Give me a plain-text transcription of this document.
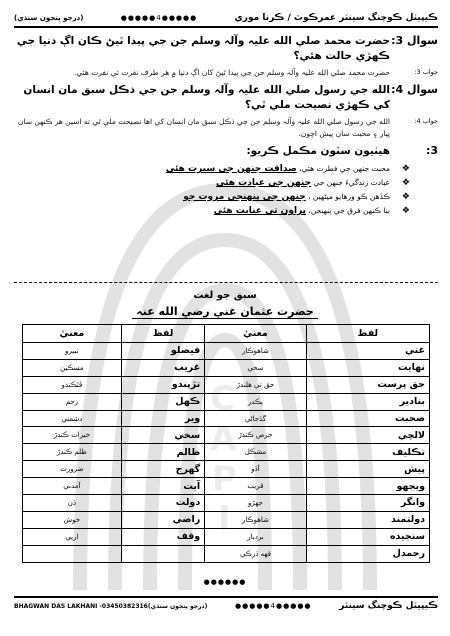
C
A
P
I
(درجو پنجون سنڌي)	●●●●●4●●●●●	ڪيپيٽل ڪوچنگ سينٽر عمرڪوٽ / ڪرنا موري
سوال 3:
حضرت محمد صلي الله عليہ وآلہ وسلم جن جي پيدا ٿيڻ ڪان اڳ دنيا جي ڪهڙي حالت هئي؟
جواب 3:
حضرت محمد صلي الله عليہ وآلہ وسلم جن جي پيدا ٿيڻ کان اڳ دنيا ۾ هر طرف نفرت ئي نفرت هئي.
سوال 4:
الله جي رسول صلي الله عليہ وآلہ وسلم جن جي ذڪل سبق مان انسان کي ڪهڙي نصيحت ملي ٿي؟
جواب 4:
الله جي رسول صلي الله عليہ وآلہ وسلم جن جي ذڪل سبق مان انسان کي اها نصيحت ملي ٿي ته اسين هر ڪنهن سان پيار ۽ محبت سان پيش اچون.
3:
هيٺيون سٽون مڪمل ڪريو:
❖
محبت جنهن جي فطرت هئي،

صداقت جنهن جي سيرت هئي
❖
عبادت زندگيءَ جنهن جي

جنهن جي عبادت هئي
❖
ڪڏهن ڪو ورهايو ميڻهين ،

جنهن جي پنهنجي مروت جو
❖
بنا ڪنهن فرق جي پنهنجن،

پراون تي عنايت هئي
سبق جو لغت
حضرت عثمان غني رضي الله عنہ
لفظ	معنيٰ	لفظ	معنيٰ
غني	شاهوڪار	فيصلو	نبيرو
نهايت	سخي	غريب	مسڪين
حق پرست	حق تي هلندڙ	تڙپندو	ڦٿڪندو
بنادير	ٻڪدر	ڪهل	رحم
صحبت	گڏجاڻي	وير	دشمني
لالچي	حرص ڪندڙ	سخي	خيرات ڪندڙ
تڪليف	مشڪل	ظالم	ظلم ڪندڙ
پيش	آڏو	گهرج	ضرورت
ويجهو	قريب	آيت	آمدني
وانگر	جهڙو	دولت	ڌن
دولتمند	شاهوڪار	راضي	خوش
سنجيده	بردبار	وقف	ارپي
رحمدل	قهه ڌرڪي		
●●●●●●
BHAGWAN DAS LAKHANI -03450382316(درجو پنجون سنڌي)	●●●●●4●●●●●	ڪيپيٽل ڪوچنگ سينٽر
